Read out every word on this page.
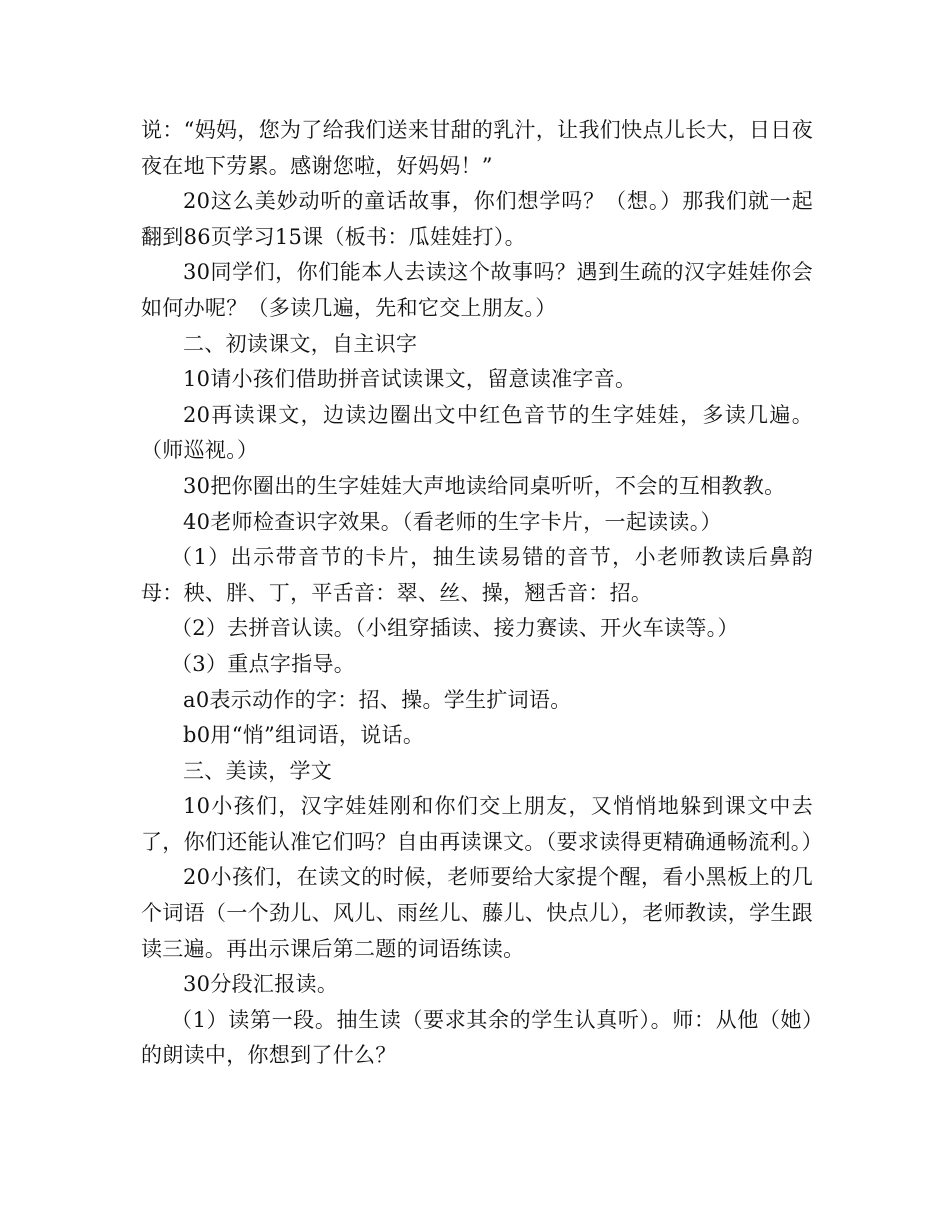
说：“妈妈，您为了给我们送来甘甜的乳汁，让我们快点儿长大，日日夜夜在地下劳累。感谢您啦，好妈妈！”

20这么美妙动听的童话故事，你们想学吗？（想。）那我们就一起翻到86页学习15课（板书：瓜娃娃打）。

30同学们，你们能本人去读这个故事吗？遇到生疏的汉字娃娃你会如何办呢？（多读几遍，先和它交上朋友。）

二、初读课文，自主识字

10请小孩们借助拼音试读课文，留意读准字音。

20再读课文，边读边圈出文中红色音节的生字娃娃，多读几遍。（师巡视。）

30把你圈出的生字娃娃大声地读给同桌听听，不会的互相教教。

40老师检查识字效果。（看老师的生字卡片，一起读读。）

（1）出示带音节的卡片，抽生读易错的音节，小老师教读后鼻韵母：秧、胖、丁，平舌音：翠、丝、操，翘舌音：招。

（2）去拼音认读。（小组穿插读、接力赛读、开火车读等。）

（3）重点字指导。

a0表示动作的字：招、操。学生扩词语。

b0用“悄”组词语，说话。

三、美读，学文

10小孩们，汉字娃娃刚和你们交上朋友，又悄悄地躲到课文中去了，你们还能认准它们吗？自由再读课文。（要求读得更精确通畅流利。）

20小孩们，在读文的时候，老师要给大家提个醒，看小黑板上的几个词语（一个劲儿、风儿、雨丝儿、藤儿、快点儿），老师教读，学生跟读三遍。再出示课后第二题的词语练读。

30分段汇报读。

（1）读第一段。抽生读（要求其余的学生认真听）。师：从他（她）的朗读中，你想到了什么？
